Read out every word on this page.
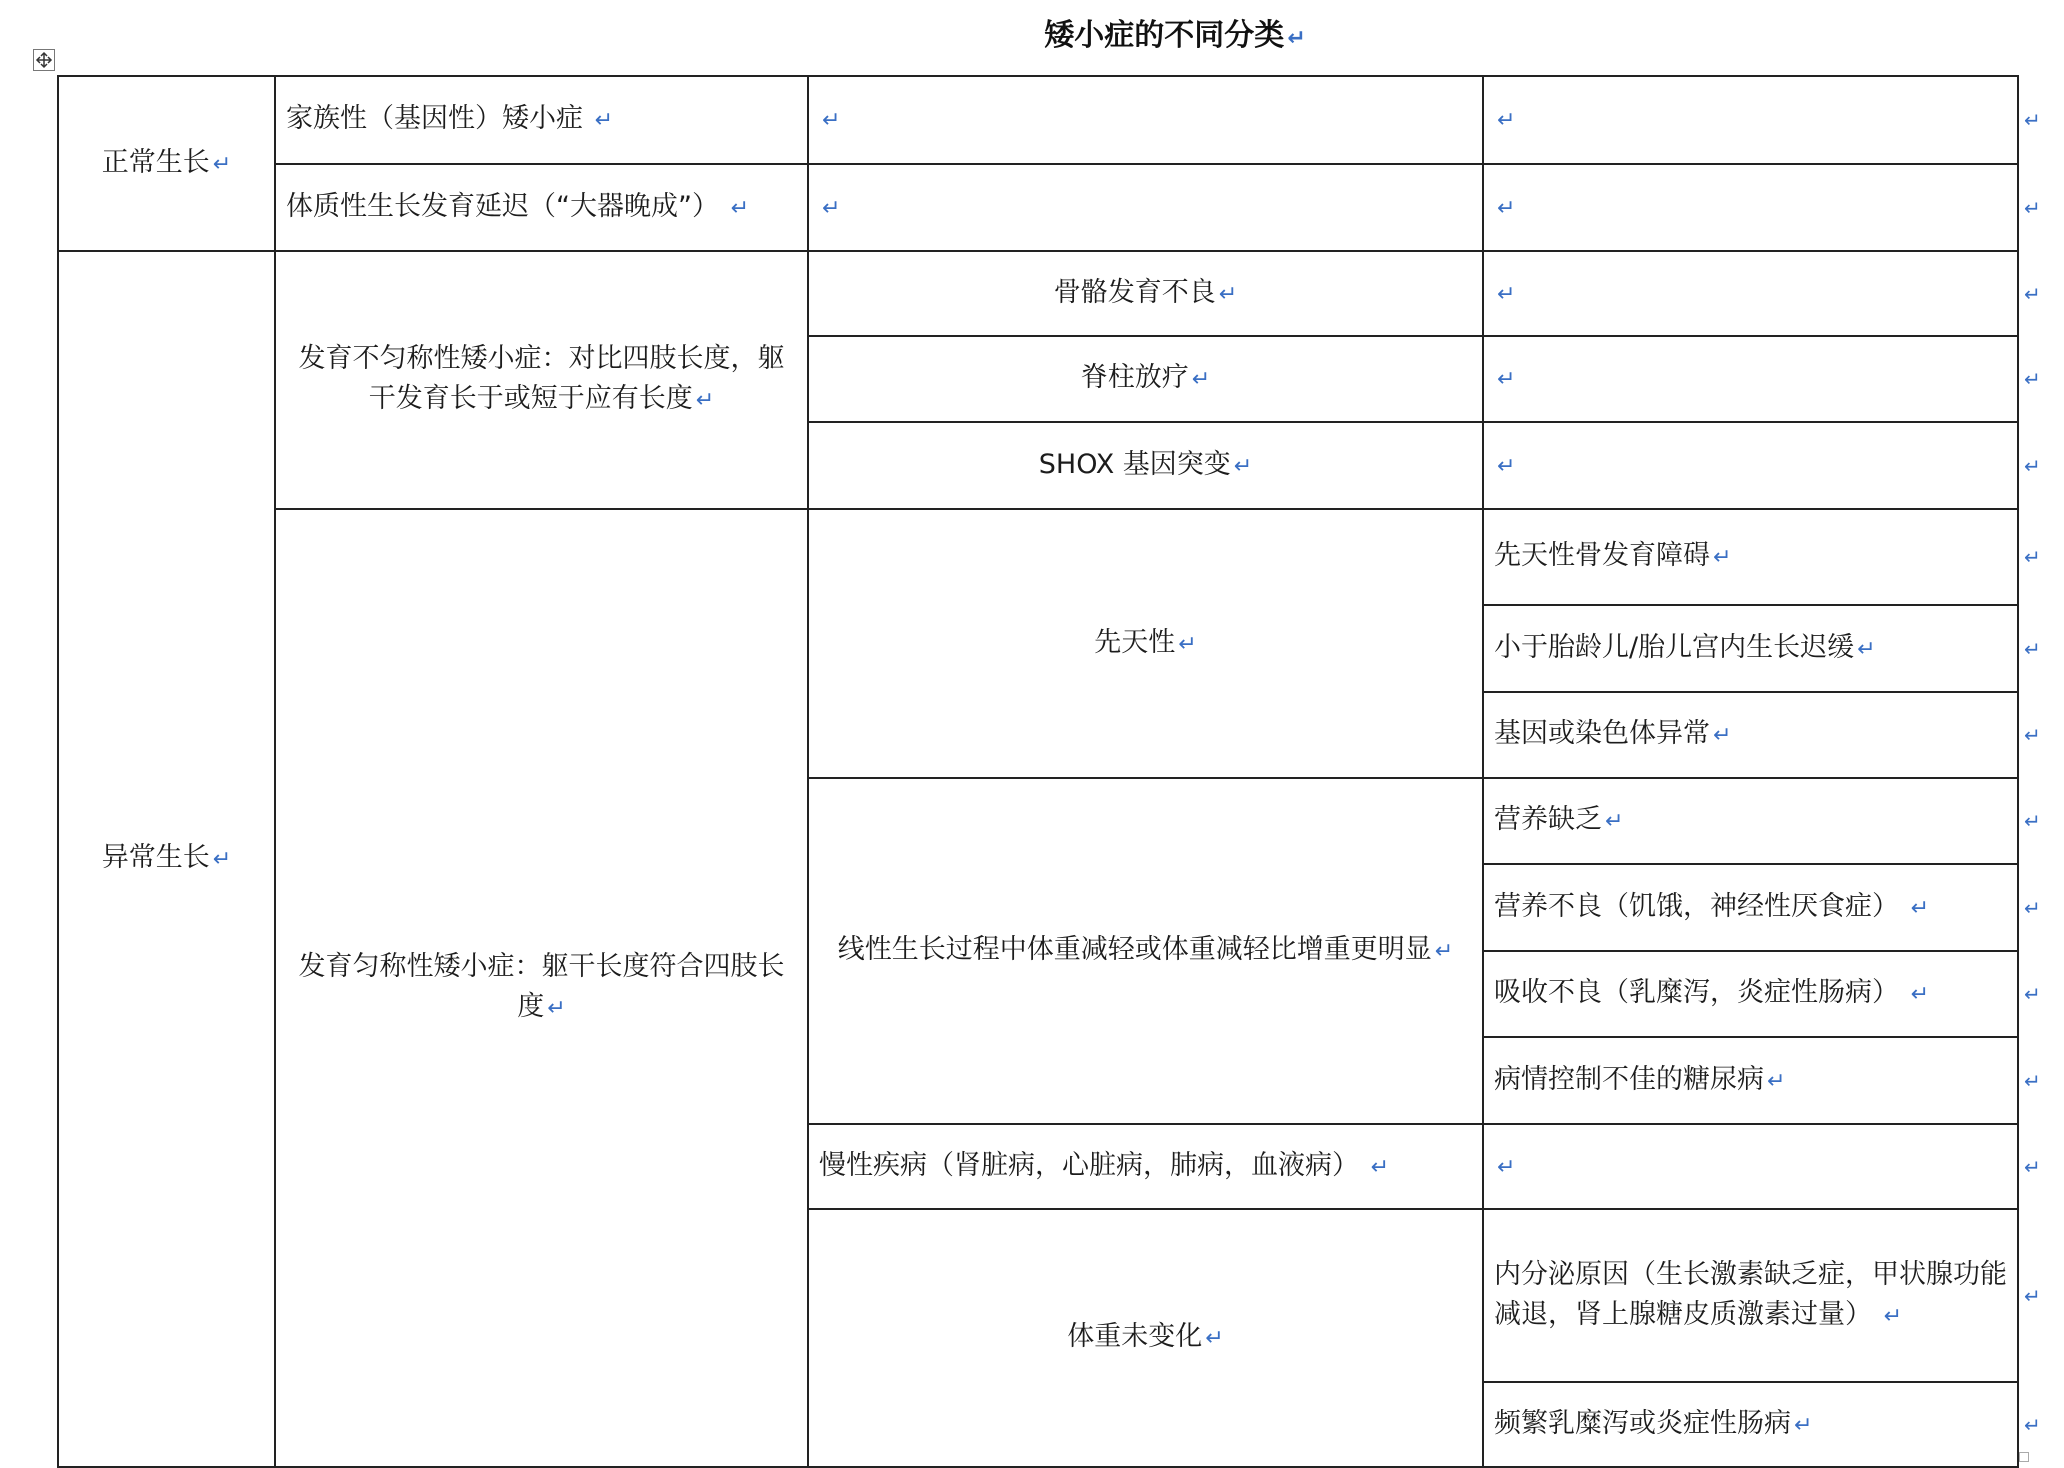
矮小症的不同分类 ↵
正常生长 ↵	家族性（基因性）矮小症 ↵	↵	↵
	体质性生长发育延迟（“大器晚成”） ↵	↵	↵
异常生长 ↵	发育不匀称性矮小症：对比四肢长度，躯干发育长于或短于应有长度 ↵	骨骼发育不良 ↵	↵
		脊柱放疗 ↵	↵
		SHOX 基因突变 ↵	↵
	发育匀称性矮小症：躯干长度符合四肢长度 ↵	先天性 ↵	先天性骨发育障碍 ↵
			小于胎龄儿/胎儿宫内生长迟缓 ↵
			基因或染色体异常 ↵
		线性生长过程中体重减轻或体重减轻比增重更明显 ↵	营养缺乏 ↵
			营养不良（饥饿，神经性厌食症） ↵
			吸收不良（乳糜泻，炎症性肠病） ↵
			病情控制不佳的糖尿病 ↵
		慢性疾病（肾脏病，心脏病，肺病，血液病） ↵	↵
		体重未变化 ↵	内分泌原因（生长激素缺乏症，甲状腺功能减退，肾上腺糖皮质激素过量） ↵
			频繁乳糜泻或炎症性肠病 ↵
↵
↵
↵
↵
↵
↵
↵
↵
↵
↵
↵
↵
↵
↵
↵
